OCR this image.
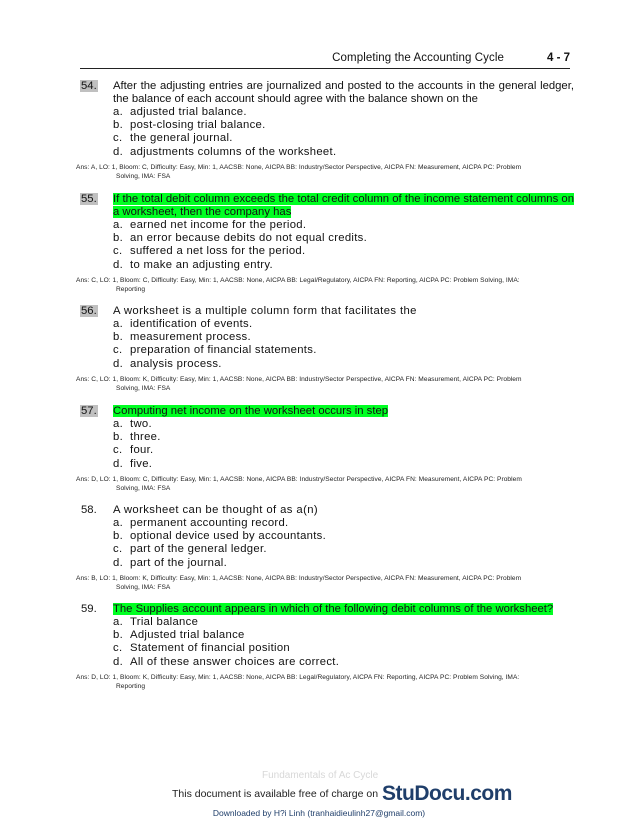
Completing the Accounting Cycle	4 - 7
54.	After the adjusting entries are journalized and posted to the accounts in the general ledger, the balance of each account should agree with the balance shown on the
a. adjusted trial balance.
b. post-closing trial balance.
c. the general journal.
d. adjustments columns of the worksheet.
Ans: A, LO: 1, Bloom: C, Difficulty: Easy, Min: 1, AACSB: None, AICPA BB: Industry/Sector Perspective, AICPA FN: Measurement, AICPA PC: Problem
Solving, IMA: FSA
55.	If the total debit column exceeds the total credit column of the income statement columns on a worksheet, then the company has
a. earned net income for the period.
b. an error because debits do not equal credits.
c. suffered a net loss for the period.
d. to make an adjusting entry.
Ans: C, LO: 1, Bloom: C, Difficulty: Easy, Min: 1, AACSB: None, AICPA BB: Legal/Regulatory, AICPA FN: Reporting, AICPA PC: Problem Solving, IMA:
Reporting
56.	A worksheet is a multiple column form that facilitates the
a. identification of events.
b. measurement process.
c. preparation of financial statements.
d. analysis process.
Ans: C, LO: 1, Bloom: K, Difficulty: Easy, Min: 1, AACSB: None, AICPA BB: Industry/Sector Perspective, AICPA FN: Measurement, AICPA PC: Problem
Solving, IMA: FSA
57.	Computing net income on the worksheet occurs in step
a. two.
b. three.
c. four.
d. five.
Ans: D, LO: 1, Bloom: C, Difficulty: Easy, Min: 1, AACSB: None, AICPA BB: Industry/Sector Perspective, AICPA FN: Measurement, AICPA PC: Problem
Solving, IMA: FSA
58.	A worksheet can be thought of as a(n)
a. permanent accounting record.
b. optional device used by accountants.
c. part of the general ledger.
d. part of the journal.
Ans: B, LO: 1, Bloom: K, Difficulty: Easy, Min: 1, AACSB: None, AICPA BB: Industry/Sector Perspective, AICPA FN: Measurement, AICPA PC: Problem
Solving, IMA: FSA
59.	The Supplies account appears in which of the following debit columns of the worksheet?
a. Trial balance
b. Adjusted trial balance
c. Statement of financial position
d. All of these answer choices are correct.
Ans: D, LO: 1, Bloom: K, Difficulty: Easy, Min: 1, AACSB: None, AICPA BB: Legal/Regulatory, AICPA FN: Reporting, AICPA PC: Problem Solving, IMA:
Reporting
Fundamentals of Ac Cycle
This document is available free of charge on StuDocu.com
Downloaded by H?i Linh (tranhaidieulinh27@gmail.com)
